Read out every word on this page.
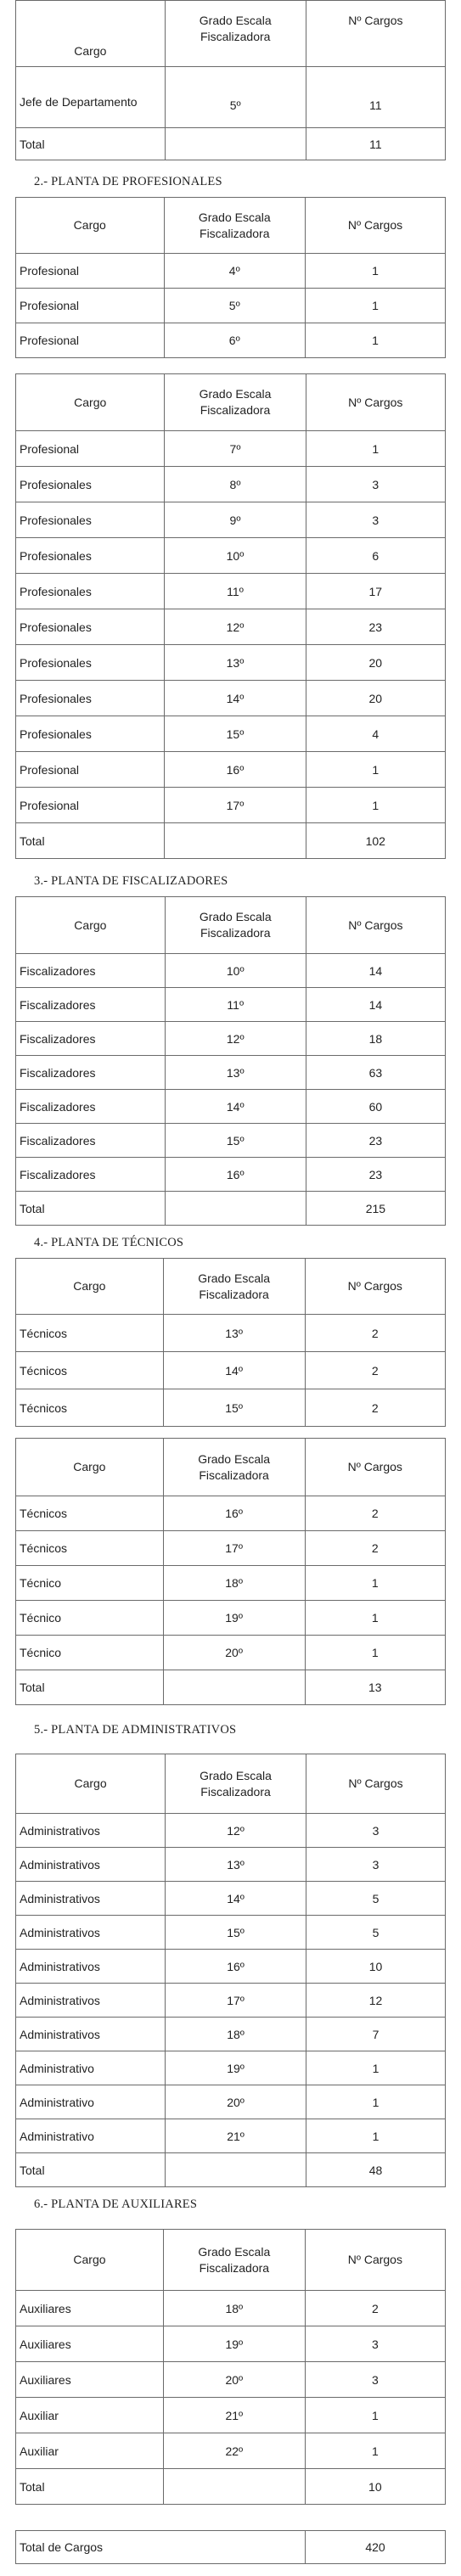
Cargo	Grado Escala Fiscalizadora	Nº Cargos
Jefe de Departamento	5º	11
Total		11
2.- PLANTA DE PROFESIONALES
Cargo	Grado Escala Fiscalizadora	Nº Cargos
Profesional	4º	1
Profesional	5º	1
Profesional	6º	1
Cargo	Grado Escala Fiscalizadora	Nº Cargos
Profesional	7º	1
Profesionales	8º	3
Profesionales	9º	3
Profesionales	10º	6
Profesionales	11º	17
Profesionales	12º	23
Profesionales	13º	20
Profesionales	14º	20
Profesionales	15º	4
Profesional	16º	1
Profesional	17º	1
Total		102
3.- PLANTA DE FISCALIZADORES
Cargo	Grado Escala Fiscalizadora	Nº Cargos
Fiscalizadores	10º	14
Fiscalizadores	11º	14
Fiscalizadores	12º	18
Fiscalizadores	13º	63
Fiscalizadores	14º	60
Fiscalizadores	15º	23
Fiscalizadores	16º	23
Total		215
4.- PLANTA DE TÉCNICOS
Cargo	Grado Escala Fiscalizadora	Nº Cargos
Técnicos	13º	2
Técnicos	14º	2
Técnicos	15º	2
Cargo	Grado Escala Fiscalizadora	Nº Cargos
Técnicos	16º	2
Técnicos	17º	2
Técnico	18º	1
Técnico	19º	1
Técnico	20º	1
Total		13
5.- PLANTA DE ADMINISTRATIVOS
Cargo	Grado Escala Fiscalizadora	Nº Cargos
Administrativos	12º	3
Administrativos	13º	3
Administrativos	14º	5
Administrativos	15º	5
Administrativos	16º	10
Administrativos	17º	12
Administrativos	18º	7
Administrativo	19º	1
Administrativo	20º	1
Administrativo	21º	1
Total		48
6.- PLANTA DE AUXILIARES
Cargo	Grado Escala Fiscalizadora	Nº Cargos
Auxiliares	18º	2
Auxiliares	19º	3
Auxiliares	20º	3
Auxiliar	21º	1
Auxiliar	22º	1
Total		10
Total de Cargos	420
